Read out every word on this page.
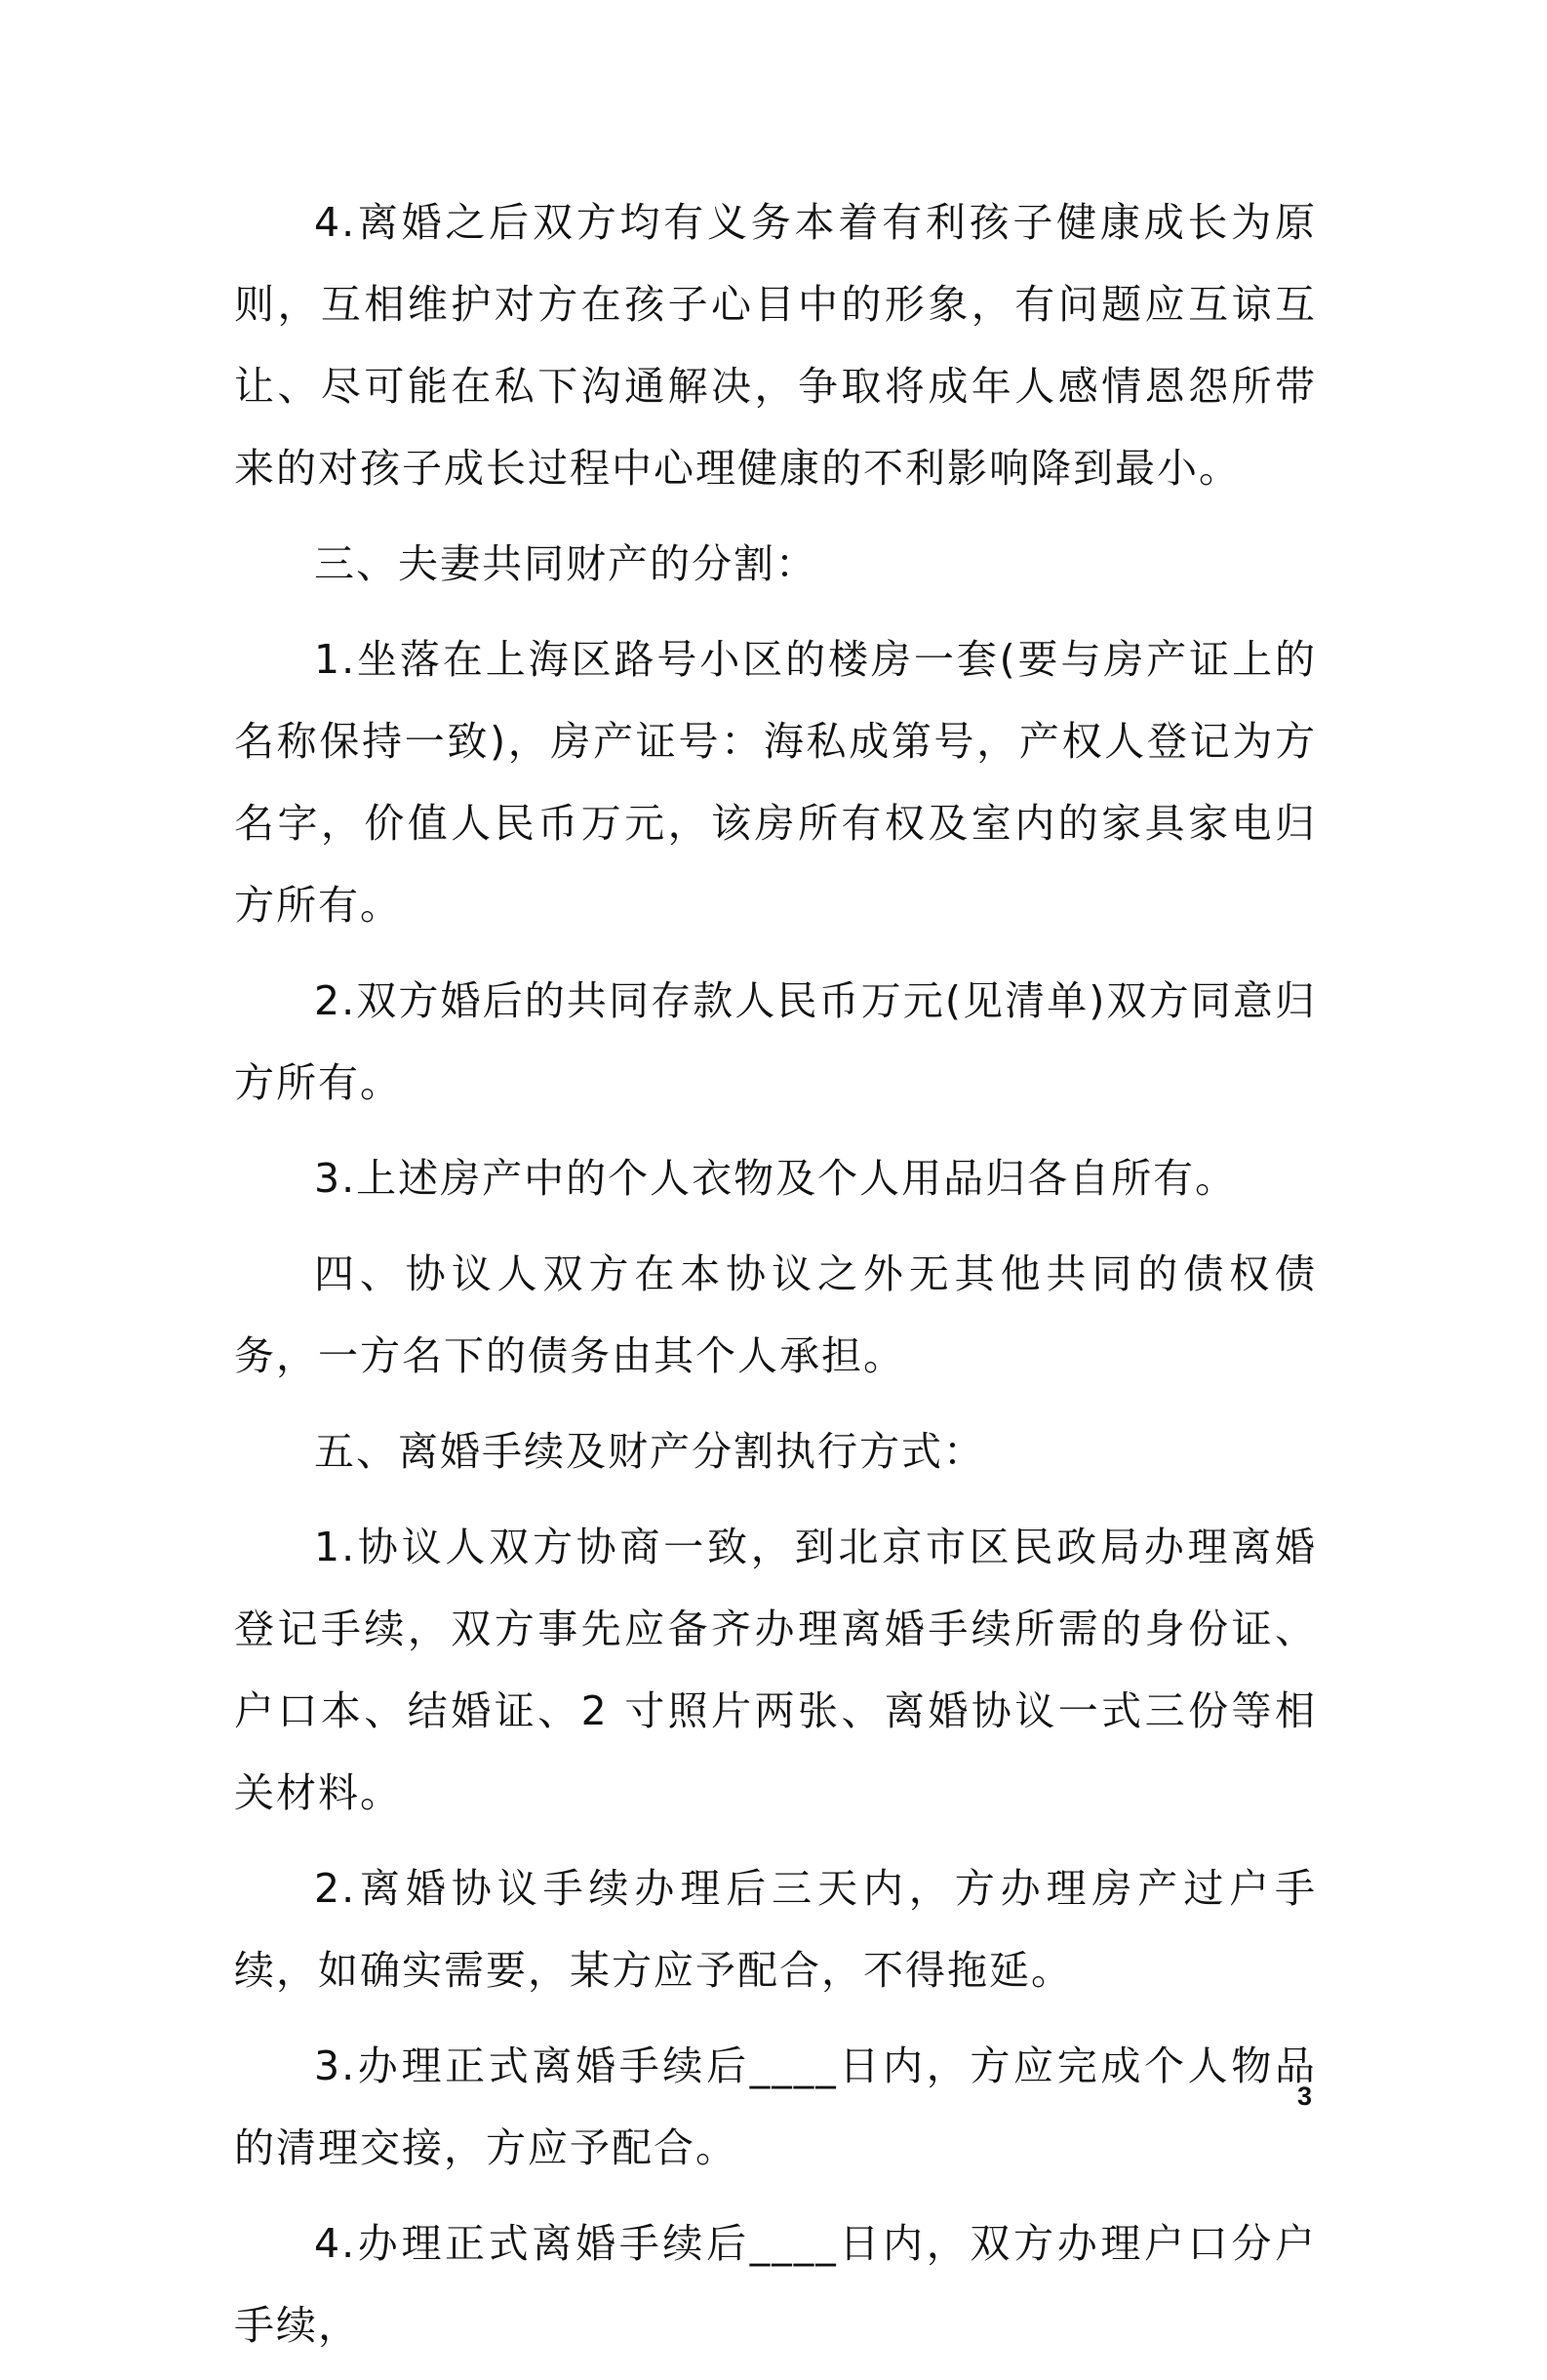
4.离婚之后双方均有义务本着有利孩子健康成长为原则，互相维护对方在孩子心目中的形象，有问题应互谅互让、尽可能在私下沟通解决，争取将成年人感情恩怨所带来的对孩子成长过程中心理健康的不利影响降到最小。

三、夫妻共同财产的分割：

1.坐落在上海区路号小区的楼房一套(要与房产证上的名称保持一致)，房产证号：海私成第号，产权人登记为方名字，价值人民币万元，该房所有权及室内的家具家电归方所有。

2.双方婚后的共同存款人民币万元(见清单)双方同意归方所有。

3.上述房产中的个人衣物及个人用品归各自所有。

四、协议人双方在本协议之外无其他共同的债权债务，一方名下的债务由其个人承担。

五、离婚手续及财产分割执行方式：

1.协议人双方协商一致，到北京市区民政局办理离婚登记手续，双方事先应备齐办理离婚手续所需的身份证、户口本、结婚证、2 寸照片两张、离婚协议一式三份等相关材料。

2.离婚协议手续办理后三天内，方办理房产过户手续，如确实需要，某方应予配合，不得拖延。

3.办理正式离婚手续后____日内，方应完成个人物品的清理交接，方应予配合。

4.办理正式离婚手续后____日内，双方办理户口分户手续，

3
